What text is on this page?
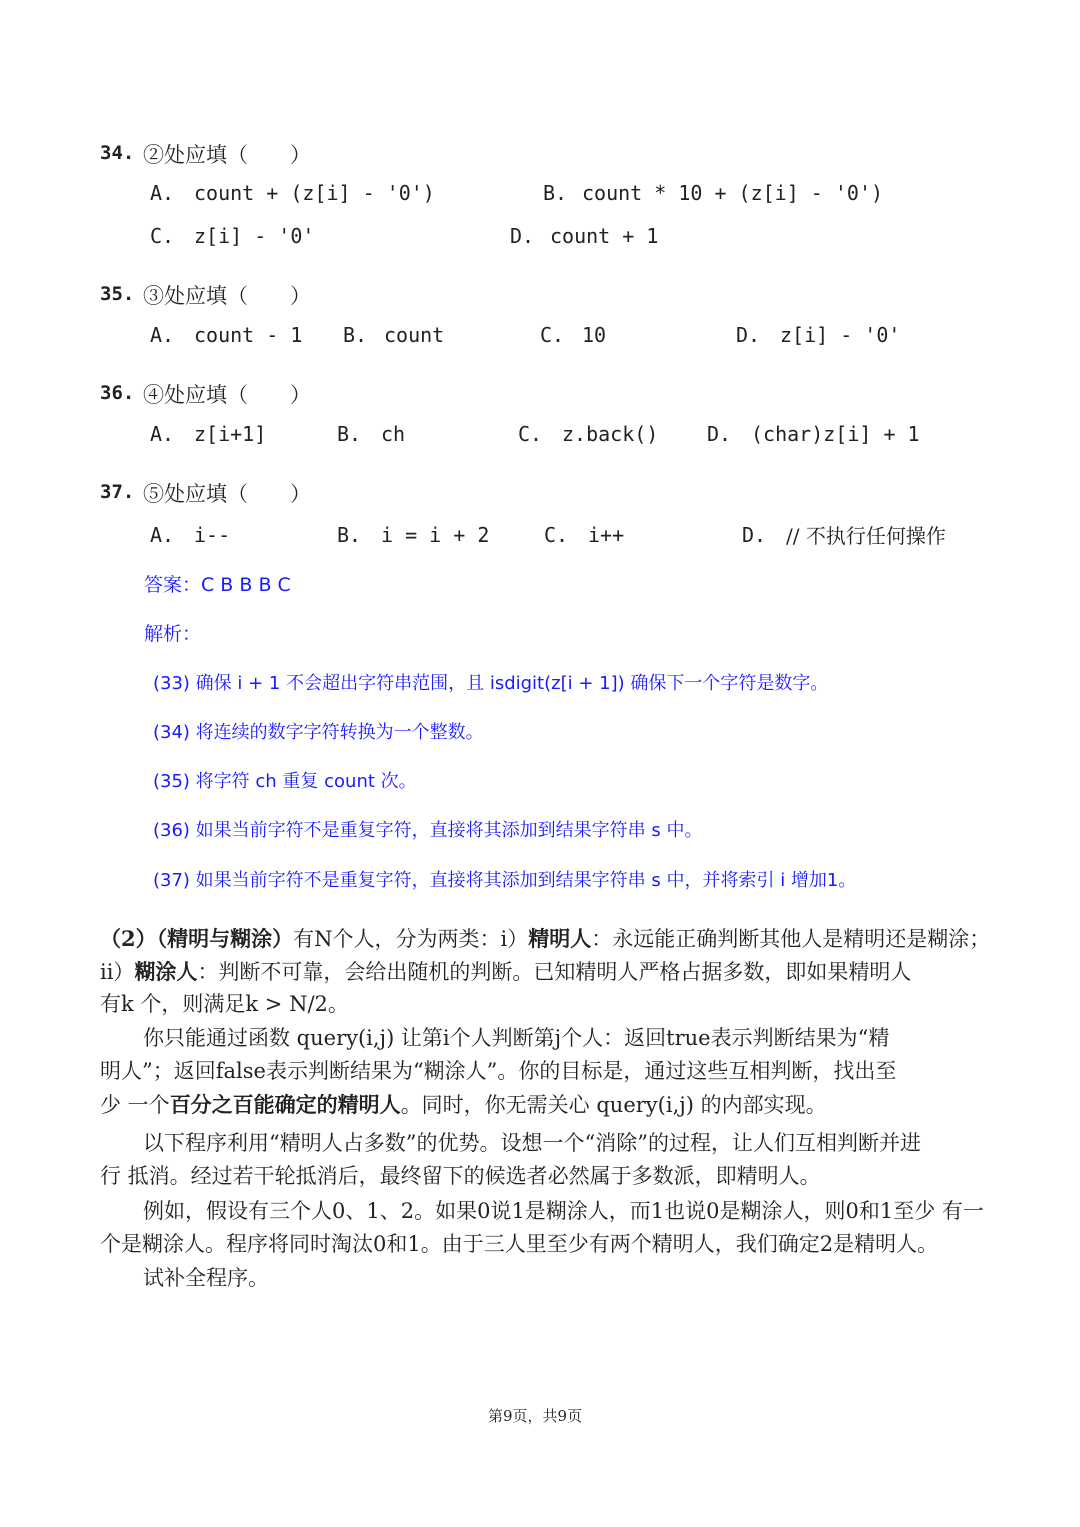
34. ②处应填（　　）
A. count + (z[i] - '0')	B. count * 10 + (z[i] - '0')
C. z[i] - '0'	D. count + 1
35. ③处应填（　　）
A. count - 1 B. count	C. 10	D. z[i] - '0'
36. ④处应填（　　）
A. z[i+1]	B. ch	C. z.back() D. (char)z[i] + 1
37. ⑤处应填（　　）
A. i--	B. i = i + 2	C. i++	D. // 不执行任何操作
答案：C B B B C
解析：
(33) 确保 i + 1 不会超出字符串范围，且 isdigit(z[i + 1]) 确保下一个字符是数字。
(34) 将连续的数字字符转换为一个整数。
(35) 将字符 ch 重复 count 次。
(36) 如果当前字符不是重复字符，直接将其添加到结果字符串 s 中。
(37) 如果当前字符不是重复字符，直接将其添加到结果字符串 s 中，并将索引 i 增加1。
（2）（精明与糊涂）有N个人，分为两类：i）精明人：永远能正确判断其他人是精明还是糊涂；
ii）糊涂人：判断不可靠，会给出随机的判断。已知精明人严格占据多数，即如果精明人
有k 个，则满足k > N/2。
你只能通过函数 query(i,j) 让第i个人判断第j个人：返回true表示判断结果为“精
明人”；返回false表示判断结果为“糊涂人”。你的目标是，通过这些互相判断，找出至
少 一个百分之百能确定的精明人。同时，你无需关心 query(i,j) 的内部实现。
以下程序利用“精明人占多数”的优势。设想一个“消除”的过程，让人们互相判断并进
行 抵消。经过若干轮抵消后，最终留下的候选者必然属于多数派，即精明人。
例如，假设有三个人0、1、2。如果0说1是糊涂人，而1也说0是糊涂人，则0和1至少 有一
个是糊涂人。程序将同时淘汰0和1。由于三人里至少有两个精明人，我们确定2是精明人。
试补全程序。
第9页，共9页
